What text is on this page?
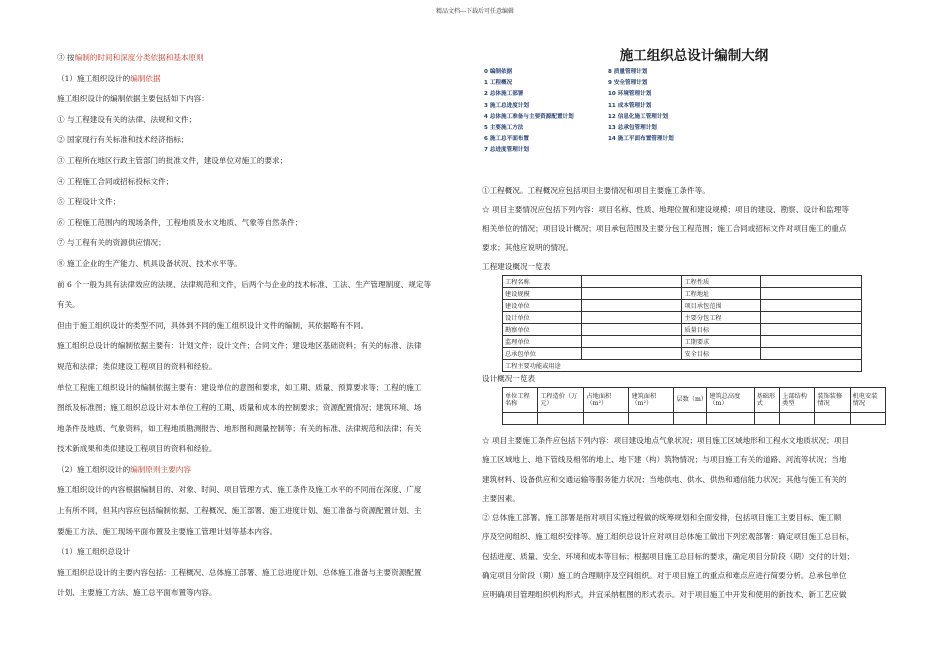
精品文档---下载后可任意编辑
③ 按编制的时间和深度分类依据和基本原则
（1）施工组织设计的编制依据
施工组织设计的编制依据主要包括如下内容：
① 与工程建设有关的法律、法规和文件；
② 国家现行有关标准和技术经济指标；
③ 工程所在地区行政主管部门的批准文件，建设单位对施工的要求；
④ 工程施工合同或招标投标文件；
⑤ 工程设计文件；
⑥ 工程施工范围内的现场条件，工程地质及水文地质、气象等自然条件；
⑦ 与工程有关的资源供应情况；
⑧ 施工企业的生产能力、机具设备状况、技术水平等。
前 6 个一般为具有法律效应的法规、法律规范和文件，后两个与企业的技术标准、工法、生产管理制度、规定等
有关。
但由于施工组织设计的类型不同，具体到不同的施工组织设计文件的编制，其依据略有不同。
施工组织总设计的编制依据主要有：计划文件；设计文件；合同文件；建设地区基础资料；有关的标准、法律
规范和法律；类似建设工程项目的资料和经验。
单位工程施工组织设计的编制依据主要有：建设单位的意图和要求，如工期、质量、预算要求等；工程的施工
图纸及标准图；施工组织总设计对本单位工程的工期、质量和成本的控制要求；资源配置情况；建筑环境、场
地条件及地质、气象资料，如工程地质勘测报告、地形图和测量控制等；有关的标准、法律规范和法律；有关
技术新成果和类似建设工程项目的资料和经验。
（2）施工组织设计的编制原则主要内容
施工组织设计的内容根据编制目的、对象、时间、项目管理方式、施工条件及施工水平的不同而在深度、广度
上有所不同，但其内容应包括编制依据、工程概况、施工部署、施工进度计划、施工准备与资源配置计划、主
要施工方法、施工现场平面布置及主要施工管理计划等基本内容。
（1）施工组织总设计
施工组织总设计的主要内容包括：工程概况、总体施工部署、施工总进度计划、总体施工准备与主要资源配置
计划、主要施工方法、施工总平面布置等内容。
施工组织总设计编制大纲
0 编制依据
1 工程概况
2 总体施工部署
3 施工总进度计划
4 总体施工准备与主要资源配置计划
5 主要施工方法
6 施工总平面布置
7 总进度管理计划
8 质量管理计划
9 安全管理计划
10 环境管理计划
11 成本管理计划
12 信息化施工管理计划
13 总承包管理计划
14 施工平面布置管理计划
①工程概况。工程概况应包括项目主要情况和项目主要施工条件等。
☆ 项目主要情况应包括下列内容：项目名称、性质、地理位置和建设规模；项目的建设、勘察、设计和监理等
相关单位的情况；项目设计概况；项目承包范围及主要分包工程范围；施工合同或招标文件对项目施工的重点
要求；其他应说明的情况。
工程建设概况一览表
工程名称		工程性质	
建设规模		工程地址	
建设单位		项目承包范围	
设计单位		主要分包工程	
勘察单位		质量目标	
监理单位		工期要求	
总承包单位		安全目标	
工程主要功能或用途			
设计概况一览表
单位工程名称	工程造价（万元）	占地面积（m²）	建筑面积（m²）	层数（m）	建筑总高度（m）	基础形式	上部结构类型	装饰装修情况	机电安装情况

☆ 项目主要施工条件应包括下列内容：项目建设地点气象状况；项目施工区域地形和工程水文地质状况；项目
施工区域地上、地下管线及相邻的地上、地下建（构）筑物情况；与项目施工有关的道路、河流等状况；当地
建筑材料、设备供应和交通运输等服务能力状况；当地供电、供水、供热和通信能力状况；其他与施工有关的
主要因素。
② 总体施工部署。施工部署是指对项目实施过程做的统筹规划和全面安排，包括项目施工主要目标、施工顺
序及空间组织、施工组织安排等。施工组织总设计应对项目总体施工做出下列宏观部署：确定项目施工总目标，
包括进度、质量、安全、环境和成本等目标；根据项目施工总目标的要求，确定项目分阶段（期）交付的计划；
确定项目分阶段（期）施工的合理顺序及空间组织。对于项目施工的重点和难点应进行简要分析。总承包单位
应明确项目管理组织机构形式，并宜采纳框图的形式表示。对于项目施工中开发和使用的新技术、新工艺应做
